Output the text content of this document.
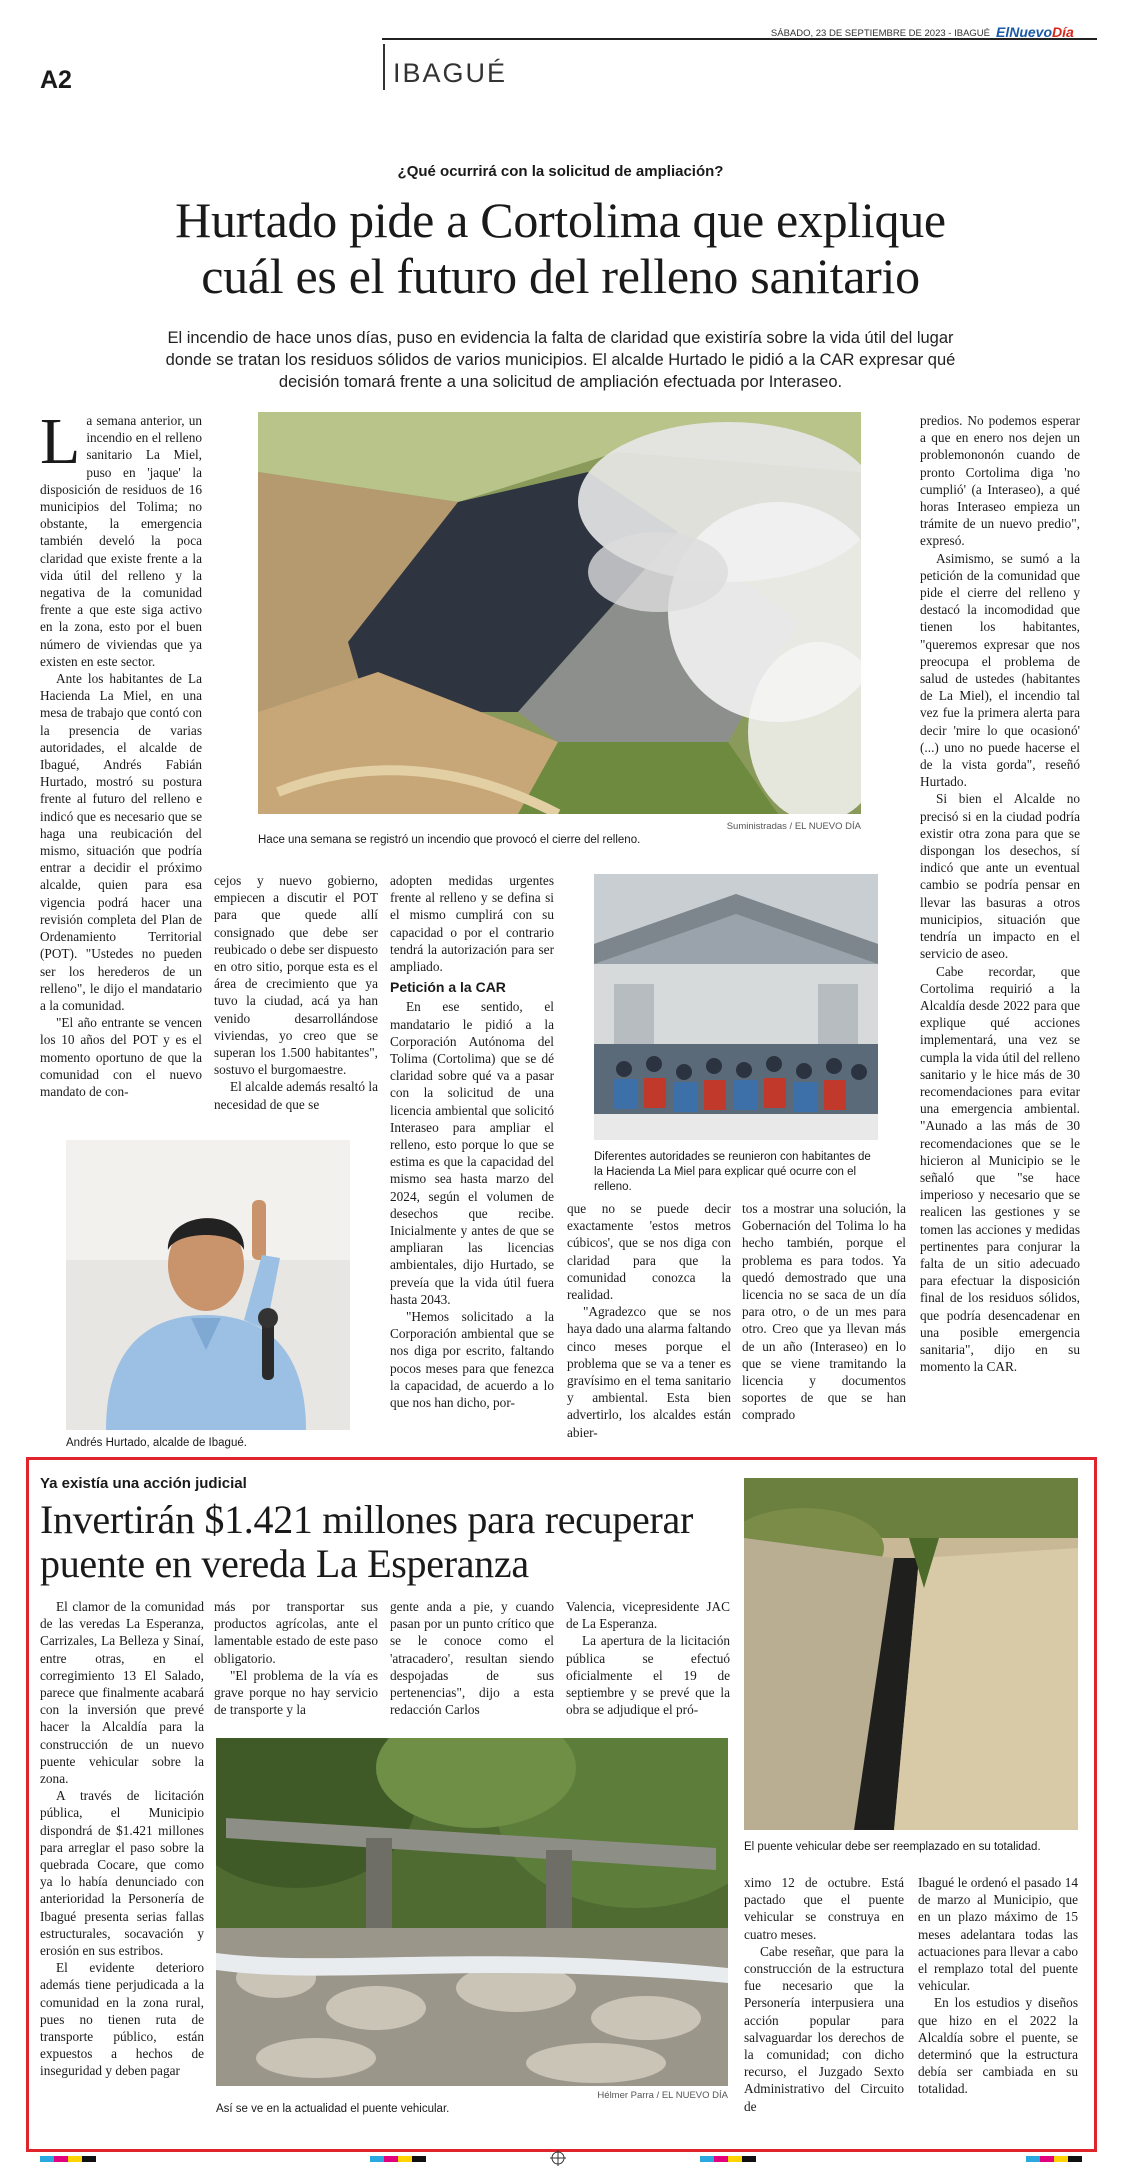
SÁBADO, 23 DE SEPTIEMBRE DE 2023 - IBAGUÉ ElNuevoDía
A2	IBAGUÉ
¿Qué ocurrirá con la solicitud de ampliación?
Hurtado pide a Cortolima que explique
cuál es el futuro del relleno sanitario
El incendio de hace unos días, puso en evidencia la falta de claridad que existiría sobre la vida útil del lugar
donde se tratan los residuos sólidos de varios municipios. El alcalde Hurtado le pidió a la CAR expresar qué
decisión tomará frente a una solicitud de ampliación efectuada por Interaseo.

La semana anterior, un incendio en el relleno sanitario La Miel, puso en 'jaque' la disposición de residuos de 16 municipios del Tolima; no obstante, la emergencia también develó la poca claridad que existe frente a la vida útil del relleno y la negativa de la comunidad frente a que este siga activo en la zona, esto por el buen número de viviendas que ya existen en este sector.

Ante los habitantes de La Hacienda La Miel, en una mesa de trabajo que contó con la presencia de varias autoridades, el alcalde de Ibagué, Andrés Fabián Hurtado, mostró su postura frente al futuro del relleno e indicó que es necesario que se haga una reubicación del mismo, situación que podría entrar a decidir el próximo alcalde, quien para esa vigencia podrá hacer una revisión completa del Plan de Ordenamiento Territorial (POT). "Ustedes no pueden ser los herederos de un relleno", le dijo el mandatario a la comunidad.

"El año entrante se vencen los 10 años del POT y es el momento oportuno de que la comunidad con el nuevo mandato de con-

Hace una semana se registró un incendio que provocó el cierre del relleno.
Suministradas / EL NUEVO DÍA

cejos y nuevo gobierno, empiecen a discutir el POT para que quede allí consignado que debe ser reubicado o debe ser dispuesto en otro sitio, porque esta es el área de crecimiento que ya tuvo la ciudad, acá ya han venido desarrollándose viviendas, yo creo que se superan los 1.500 habitantes", sostuvo el burgomaestre.

El alcalde además resaltó la necesidad de que se

adopten medidas urgentes frente al relleno y se defina si el mismo cumplirá con su capacidad o por el contrario tendrá la autorización para ser ampliado.

Petición a la CAR

En ese sentido, el mandatario le pidió a la Corporación Autónoma del Tolima (Cortolima) que se dé claridad sobre qué va a pasar con la solicitud de una licencia ambiental que solicitó Interaseo para ampliar el relleno, esto porque lo que se estima es que la capacidad del mismo sea hasta marzo del 2024, según el volumen de desechos que recibe. Inicialmente y antes de que se ampliaran las licencias ambientales, dijo Hurtado, se preveía que la vida útil fuera hasta 2043.

"Hemos solicitado a la Corporación ambiental que se nos diga por escrito, faltando pocos meses para que fenezca la capacidad, de acuerdo a lo que nos han dicho, por-

Diferentes autoridades se reunieron con habitantes de la Hacienda La Miel para explicar qué ocurre con el relleno.

que no se puede decir exactamente 'estos metros cúbicos', que se nos diga con claridad para que la comunidad conozca la realidad.

"Agradezco que se nos haya dado una alarma faltando cinco meses porque el problema que se va a tener es gravísimo en el tema sanitario y ambiental. Esta bien advertirlo, los alcaldes están abier-

tos a mostrar una solución, la Gobernación del Tolima lo ha hecho también, porque el problema es para todos. Ya quedó demostrado que una licencia no se saca de un día para otro, o de un mes para otro. Creo que ya llevan más de un año (Interaseo) en lo que se viene tramitando la licencia y documentos soportes de que se han comprado

predios. No podemos esperar a que en enero nos dejen un problemononón cuando de pronto Cortolima diga 'no cumplió' (a Interaseo), a qué horas Interaseo empieza un trámite de un nuevo predio", expresó.

Asimismo, se sumó a la petición de la comunidad que pide el cierre del relleno y destacó la incomodidad que tienen los habitantes, "queremos expresar que nos preocupa el problema de salud de ustedes (habitantes de La Miel), el incendio tal vez fue la primera alerta para decir 'mire lo que ocasionó' (...) uno no puede hacerse el de la vista gorda", reseñó Hurtado.

Si bien el Alcalde no precisó si en la ciudad podría existir otra zona para que se dispongan los desechos, sí indicó que ante un eventual cambio se podría pensar en llevar las basuras a otros municipios, situación que tendría un impacto en el servicio de aseo.

Cabe recordar, que Cortolima requirió a la Alcaldía desde 2022 para que explique qué acciones implementará, una vez se cumpla la vida útil del relleno sanitario y le hice más de 30 recomendaciones para evitar una emergencia ambiental. "Aunado a las más de 30 recomendaciones que se le hicieron al Municipio se le señaló que "se hace imperioso y necesario que se realicen las gestiones y se tomen las acciones y medidas pertinentes para conjurar la falta de un sitio adecuado para efectuar la disposición final de los residuos sólidos, que podría desencadenar en una posible emergencia sanitaria", dijo en su momento la CAR.

Andrés Hurtado, alcalde de Ibagué.
Ya existía una acción judicial
Invertirán $1.421 millones para recuperar
puente en vereda La Esperanza

El clamor de la comunidad de las veredas La Esperanza, Carrizales, La Belleza y Sinaí, entre otras, en el corregimiento 13 El Salado, parece que finalmente acabará con la inversión que prevé hacer la Alcaldía para la construcción de un nuevo puente vehicular sobre la zona.

A través de licitación pública, el Municipio dispondrá de $1.421 millones para arreglar el paso sobre la quebrada Cocare, que como ya lo había denunciado con anterioridad la Personería de Ibagué presenta serias fallas estructurales, socavación y erosión en sus estribos.

El evidente deterioro además tiene perjudicada a la comunidad en la zona rural, pues no tienen ruta de transporte público, están expuestos a hechos de inseguridad y deben pagar

más por transportar sus productos agrícolas, ante el lamentable estado de este paso obligatorio.

"El problema de la vía es grave porque no hay servicio de transporte y la

gente anda a pie, y cuando pasan por un punto crítico que se le conoce como el 'atracadero', resultan siendo despojadas de sus pertenencias", dijo a esta redacción Carlos

Valencia, vicepresidente JAC de La Esperanza.

La apertura de la licitación pública se efectuó oficialmente el 19 de septiembre y se prevé que la obra se adjudique el pró-

Así se ve en la actualidad el puente vehicular.
Hélmer Parra / EL NUEVO DÍA
El puente vehicular debe ser reemplazado en su totalidad.

ximo 12 de octubre. Está pactado que el puente vehicular se construya en cuatro meses.

Cabe reseñar, que para la construcción de la estructura fue necesario que la Personería interpusiera una acción popular para salvaguardar los derechos de la comunidad; con dicho recurso, el Juzgado Sexto Administrativo del Circuito de

Ibagué le ordenó el pasado 14 de marzo al Municipio, que en un plazo máximo de 15 meses adelantara todas las actuaciones para llevar a cabo el remplazo total del puente vehicular.

En los estudios y diseños que hizo en el 2022 la Alcaldía sobre el puente, se determinó que la estructura debía ser cambiada en su totalidad.
